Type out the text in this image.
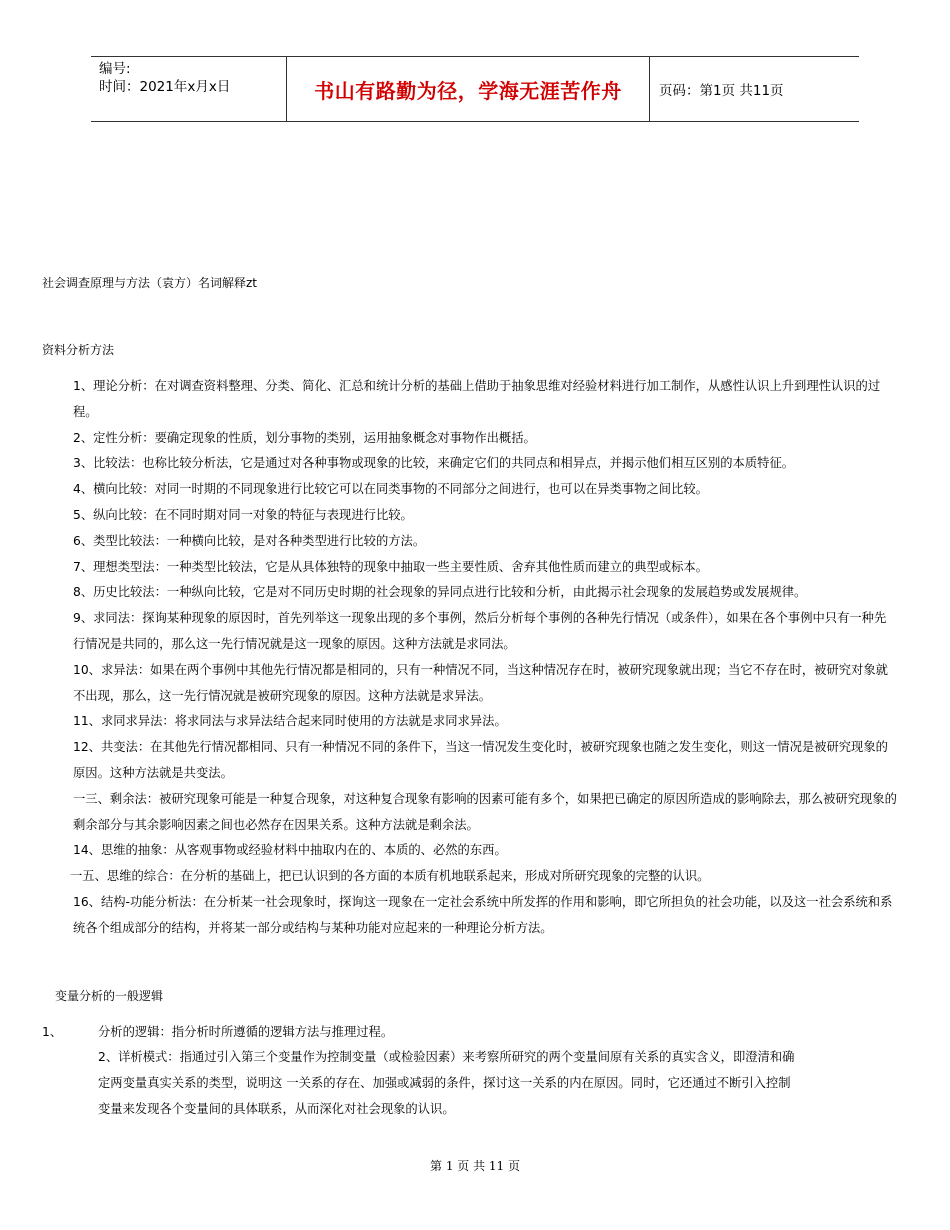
编号:
时间：2021年x月x日	书山有路勤为径，学海无涯苦作舟	页码：第1页 共11页
社会调查原理与方法（袁方）名词解释zt
资料分析方法
1、理论分析：在对调查资料整理、分类、简化、汇总和统计分析的基础上借助于抽象思维对经验材料进行加工制作，从感性认识上升到理性认识的过程。
2、定性分析：要确定现象的性质，划分事物的类别，运用抽象概念对事物作出概括。
3、比较法：也称比较分析法，它是通过对各种事物或现象的比较，来确定它们的共同点和相异点，并揭示他们相互区别的本质特征。
4、横向比较：对同一时期的不同现象进行比较它可以在同类事物的不同部分之间进行，也可以在异类事物之间比较。
5、纵向比较：在不同时期对同一对象的特征与表现进行比较。
6、类型比较法：一种横向比较，是对各种类型进行比较的方法。
7、理想类型法：一种类型比较法，它是从具体独特的现象中抽取一些主要性质、舍弃其他性质而建立的典型或标本。
8、历史比较法：一种纵向比较，它是对不同历史时期的社会现象的异同点进行比较和分析，由此揭示社会现象的发展趋势或发展规律。
9、求同法：探询某种现象的原因时，首先列举这一现象出现的多个事例，然后分析每个事例的各种先行情况（或条件），如果在各个事例中只有一种先行情况是共同的，那么这一先行情况就是这一现象的原因。这种方法就是求同法。
10、求异法：如果在两个事例中其他先行情况都是相同的，只有一种情况不同，当这种情况存在时，被研究现象就出现；当它不存在时，被研究对象就不出现，那么，这一先行情况就是被研究现象的原因。这种方法就是求异法。
11、求同求异法：将求同法与求异法结合起来同时使用的方法就是求同求异法。
12、共变法：在其他先行情况都相同、只有一种情况不同的条件下，当这一情况发生变化时，被研究现象也随之发生变化，则这一情况是被研究现象的原因。这种方法就是共变法。
一三、剩余法：被研究现象可能是一种复合现象，对这种复合现象有影响的因素可能有多个，如果把已确定的原因所造成的影响除去，那么被研究现象的剩余部分与其余影响因素之间也必然存在因果关系。这种方法就是剩余法。
14、思维的抽象：从客观事物或经验材料中抽取内在的、本质的、必然的东西。
一五、思维的综合：在分析的基础上，把已认识到的各方面的本质有机地联系起来，形成对所研究现象的完整的认识。
16、结构-功能分析法：在分析某一社会现象时，探询这一现象在一定社会系统中所发挥的作用和影响，即它所担负的社会功能，以及这一社会系统和系统各个组成部分的结构，并将某一部分或结构与某种功能对应起来的一种理论分析方法。
变量分析的一般逻辑
1、	分析的逻辑：指分析时所遵循的逻辑方法与推理过程。
2、详析模式：指通过引入第三个变量作为控制变量（或检验因素）来考察所研究的两个变量间原有关系的真实含义，即澄清和确
定两变量真实关系的类型，说明这 一关系的存在、加强或减弱的条件，探讨这一关系的内在原因。同时，它还通过不断引入控制
变量来发现各个变量间的具体联系，从而深化对社会现象的认识。
第 1 页 共 11 页
